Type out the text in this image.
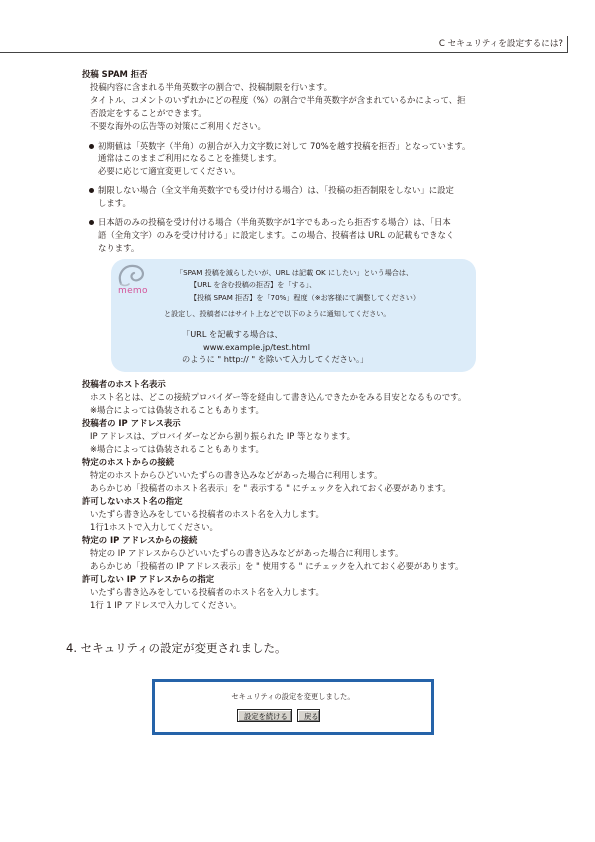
C セキュリティを設定するには?
投稿 SPAM 拒否
投稿内容に含まれる半角英数字の割合で、投稿制限を行います。
タイトル、コメントのいずれかにどの程度（%）の割合で半角英数字が含まれているかによって、拒
否設定をすることができます。
不要な海外の広告等の対策にご利用ください。
初期値は「英数字（半角）の割合が入力文字数に対して 70%を越す投稿を拒否」となっています。
通常はこのままご利用になることを推奨します。
必要に応じて適宜変更してください。
制限しない場合（全文半角英数字でも受け付ける場合）は、「投稿の拒否制限をしない」に設定
します。
日本語のみの投稿を受け付ける場合（半角英数字が1字でもあったら拒否する場合）は、「日本
語（全角文字）のみを受け付ける」に設定します。この場合、投稿者は URL の記載もできなく
なります。
memo
「SPAM 投稿を減らしたいが、URL は記載 OK にしたい」という場合は、
【URL を含む投稿の拒否】を「する」、
【投稿 SPAM 拒否】を「70%」程度（※お客様にて調整してください）
と設定し、投稿者にはサイト上などで以下のように通知してください。
「URL を記載する場合は、
www.example.jp/test.html
のように " http:// " を除いて入力してください。」
投稿者のホスト名表示
ホスト名とは、どこの接続プロバイダー等を経由して書き込んできたかをみる目安となるものです。
※場合によっては偽装されることもあります。
投稿者の IP アドレス表示
IP アドレスは、プロバイダーなどから割り振られた IP 等となります。
※場合によっては偽装されることもあります。
特定のホストからの接続
特定のホストからひどいいたずらの書き込みなどがあった場合に利用します。
あらかじめ「投稿者のホスト名表示」を " 表示する " にチェックを入れておく必要があります。
許可しないホスト名の指定
いたずら書き込みをしている投稿者のホスト名を入力します。
1行1ホストで入力してください。
特定の IP アドレスからの接続
特定の IP アドレスからひどいいたずらの書き込みなどがあった場合に利用します。
あらかじめ「投稿者の IP アドレス表示」を " 使用する " にチェックを入れておく必要があります。
許可しない IP アドレスからの指定
いたずら書き込みをしている投稿者のホスト名を入力します。
1行 1 IP アドレスで入力してください。
4. セキュリティの設定が変更されました。
セキュリティの設定を変更しました。
設定を続ける	戻る
